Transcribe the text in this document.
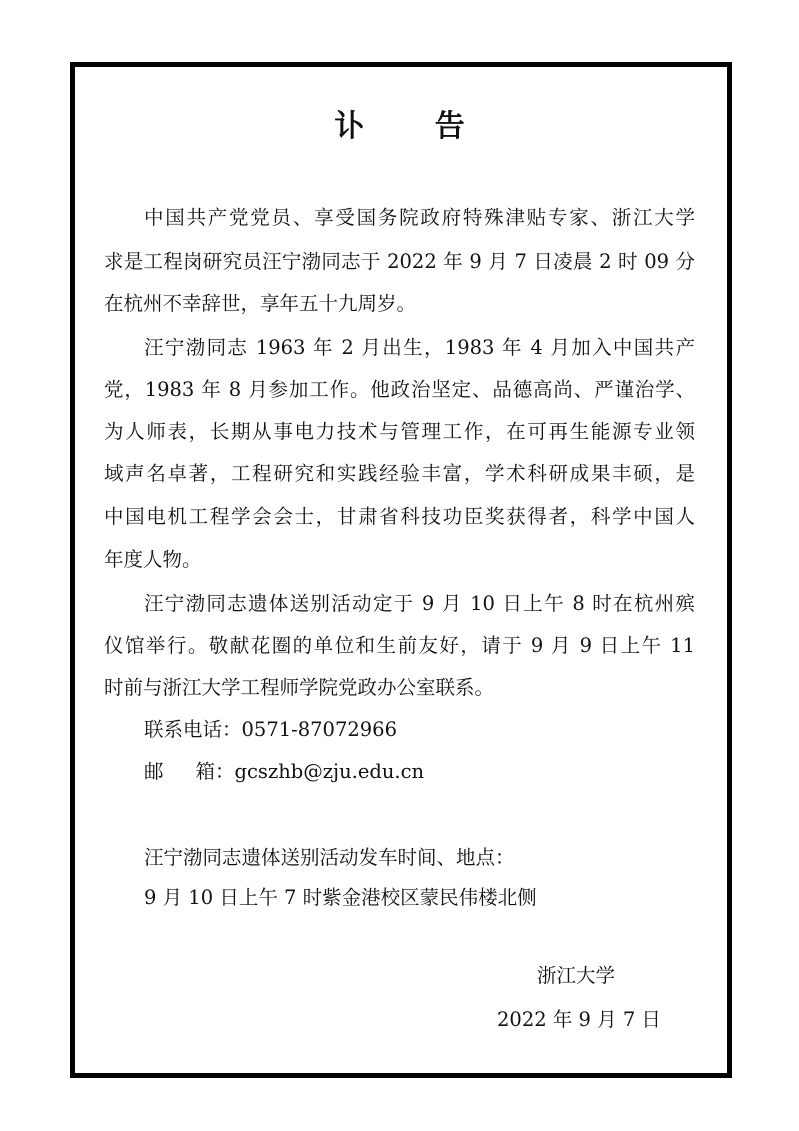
讣 告
中国共产党党员、享受国务院政府特殊津贴专家、浙江大学
求是工程岗研究员汪宁渤同志于 2022 年 9 月 7 日凌晨 2 时 09 分
在杭州不幸辞世，享年五十九周岁。
汪宁渤同志 1963 年 2 月出生，1983 年 4 月加入中国共产
党，1983 年 8 月参加工作。他政治坚定、品德高尚、严谨治学、
为人师表，长期从事电力技术与管理工作，在可再生能源专业领
域声名卓著，工程研究和实践经验丰富，学术科研成果丰硕，是
中国电机工程学会会士，甘肃省科技功臣奖获得者，科学中国人
年度人物。
汪宁渤同志遗体送别活动定于 9 月 10 日上午 8 时在杭州殡
仪馆举行。敬献花圈的单位和生前友好，请于 9 月 9 日上午 11
时前与浙江大学工程师学院党政办公室联系。
联系电话：0571-87072966
邮 箱：gcszhb@zju.edu.cn
汪宁渤同志遗体送别活动发车时间、地点：
9 月 10 日上午 7 时紫金港校区蒙民伟楼北侧
浙江大学
2022 年 9 月 7 日
